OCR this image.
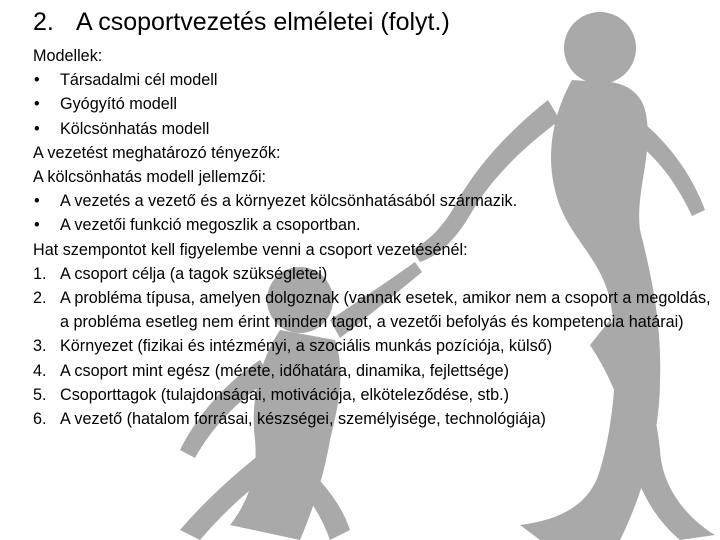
2. A csoportvezetés elméletei (folyt.)
Modellek:
• Társadalmi cél modell
• Gyógyító modell
• Kölcsönhatás modell
A vezetést meghatározó tényezők:
A kölcsönhatás modell jellemzői:
• A vezetés a vezető és a környezet kölcsönhatásából származik.
• A vezetői funkció megoszlik a csoportban.
Hat szempontot kell figyelembe venni a csoport vezetésénél:
1. A csoport célja (a tagok szükségletei)
2. A probléma típusa, amelyen dolgoznak (vannak esetek, amikor nem a csoport a megoldás, a probléma esetleg nem érint minden tagot, a vezetői befolyás és kompetencia határai)
3. Környezet (fizikai és intézményi, a szociális munkás pozíciója, külső)
4. A csoport mint egész (mérete, időhatára, dinamika, fejlettsége)
5. Csoporttagok (tulajdonságai, motivációja, elköteleződése, stb.)
6. A vezető (hatalom forrásai, készségei, személyisége, technológiája)
